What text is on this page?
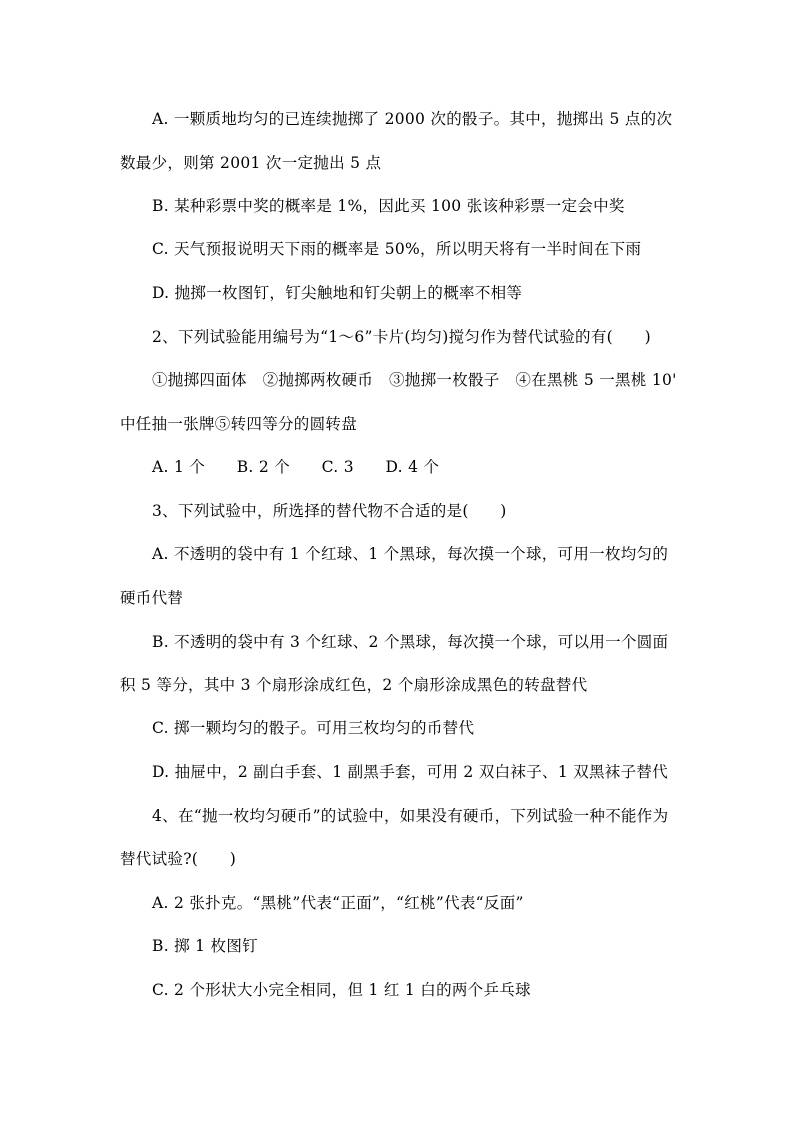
A. 一颗质地均匀的已连续抛掷了 2000 次的骰子。其中，抛掷出 5 点的次
数最少，则第 2001 次一定抛出 5 点
B. 某种彩票中奖的概率是 1%，因此买 100 张该种彩票一定会中奖
C. 天气预报说明天下雨的概率是 50%，所以明天将有一半时间在下雨
D. 抛掷一枚图钉，钉尖触地和钉尖朝上的概率不相等
2、下列试验能用编号为“1～6”卡片(均匀)搅匀作为替代试验的有(　　)
①抛掷四面体　②抛掷两枚硬币　③抛掷一枚骰子　④在黑桃 5 一黑桃 10'
中任抽一张牌⑤转四等分的圆转盘
A. 1 个　　B. 2 个　　C. 3　　D. 4 个
3、下列试验中，所选择的替代物不合适的是(　　)
A. 不透明的袋中有 1 个红球、1 个黑球，每次摸一个球，可用一枚均匀的
硬币代替
B. 不透明的袋中有 3 个红球、2 个黑球，每次摸一个球，可以用一个圆面
积 5 等分，其中 3 个扇形涂成红色，2 个扇形涂成黑色的转盘替代
C. 掷一颗均匀的骰子。可用三枚均匀的币替代
D. 抽屉中，2 副白手套、1 副黑手套，可用 2 双白袜子、1 双黑袜子替代
4、在“抛一枚均匀硬币”的试验中，如果没有硬币，下列试验一种不能作为
替代试验?(　　)
A. 2 张扑克。“黑桃”代表“正面”，“红桃”代表“反面”
B. 掷 1 枚图钉
C. 2 个形状大小完全相同，但 1 红 1 白的两个乒乓球
